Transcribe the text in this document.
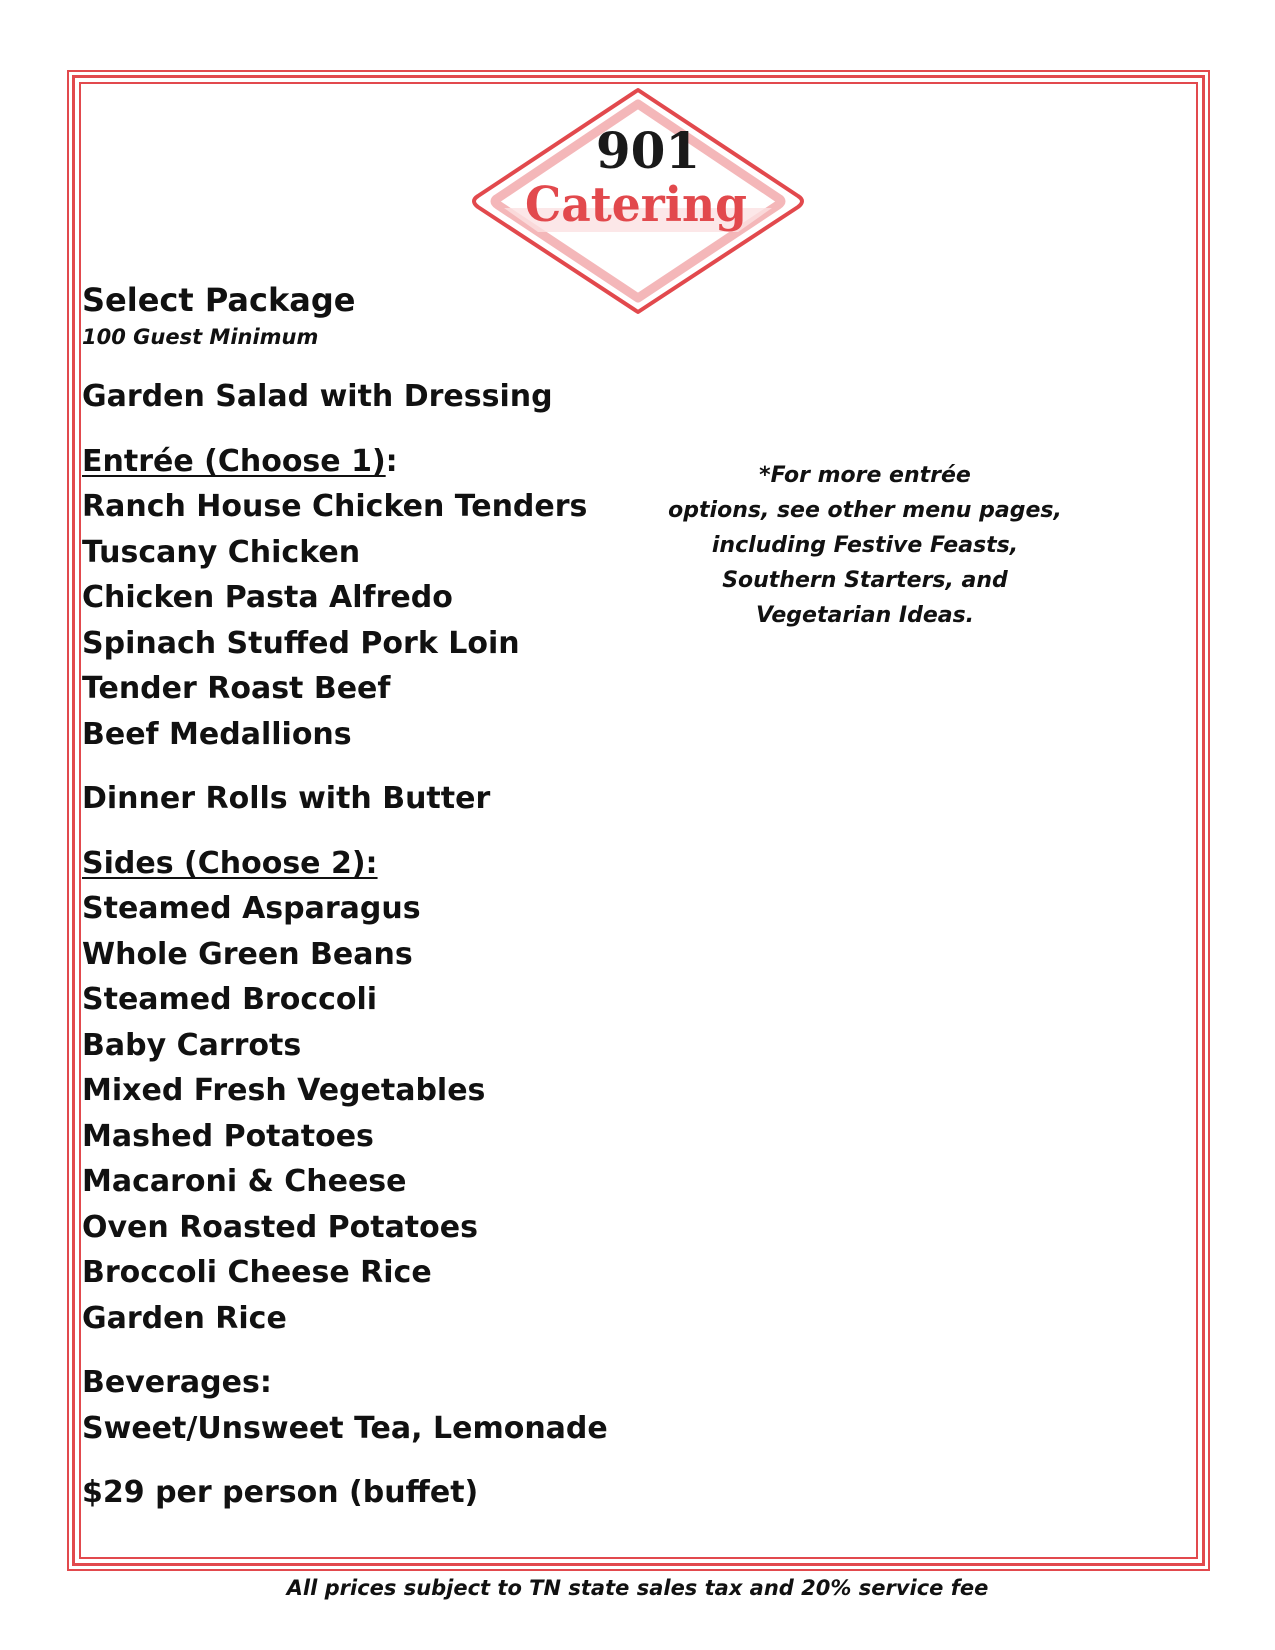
901
Catering
Select Package
100 Guest Minimum
Garden Salad with Dressing
Entrée (Choose 1):
Ranch House Chicken Tenders
Tuscany Chicken
Chicken Pasta Alfredo
Spinach Stuffed Pork Loin
Tender Roast Beef
Beef Medallions
Dinner Rolls with Butter
Sides (Choose 2):
Steamed Asparagus
Whole Green Beans
Steamed Broccoli
Baby Carrots
Mixed Fresh Vegetables
Mashed Potatoes
Macaroni & Cheese
Oven Roasted Potatoes
Broccoli Cheese Rice
Garden Rice
Beverages:
Sweet/Unsweet Tea, Lemonade
$29 per person (buffet)
*For more entrée
options, see other menu pages,
including Festive Feasts,
Southern Starters, and
Vegetarian Ideas.
All prices subject to TN state sales tax and 20% service fee
